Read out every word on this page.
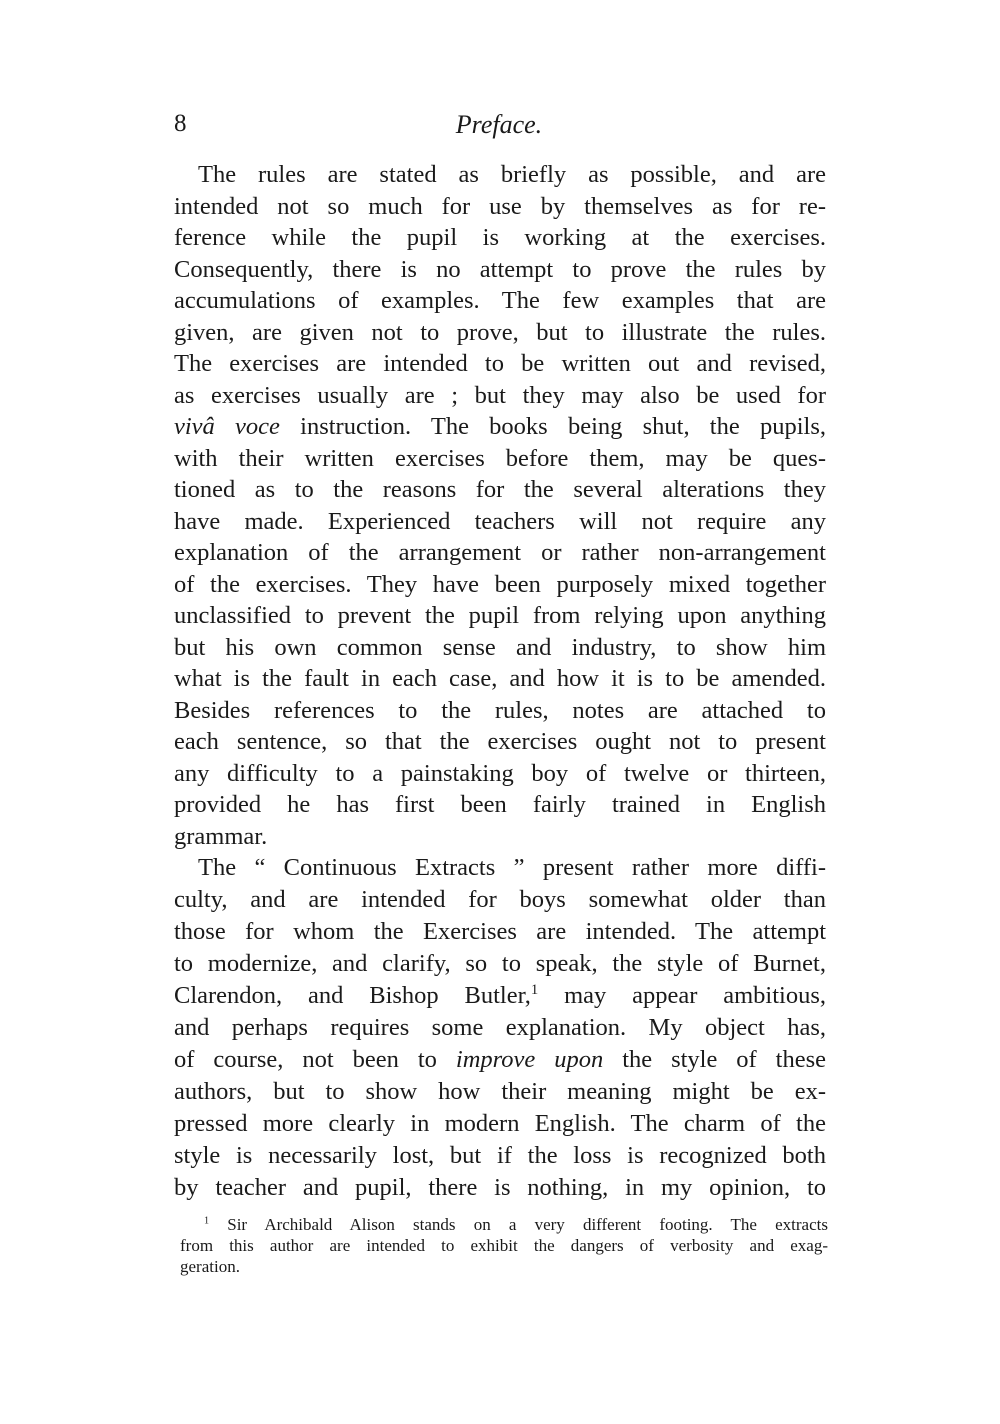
8	Preface.
The rules are stated as briefly as possible, and are
intended not so much for use by themselves as for re-
ference while the pupil is working at the exercises.
Consequently, there is no attempt to prove the rules by
accumulations of examples. The few examples that are
given, are given not to prove, but to illustrate the rules.
The exercises are intended to be written out and revised,
as exercises usually are ; but they may also be used for
vivâ voce instruction. The books being shut, the pupils,
with their written exercises before them, may be ques-
tioned as to the reasons for the several alterations they
have made. Experienced teachers will not require any
explanation of the arrangement or rather non-arrangement
of the exercises. They have been purposely mixed together
unclassified to prevent the pupil from relying upon anything
but his own common sense and industry, to show him
what is the fault in each case, and how it is to be amended.
Besides references to the rules, notes are attached to
each sentence, so that the exercises ought not to present
any difficulty to a painstaking boy of twelve or thirteen,
provided he has first been fairly trained in English
grammar.
The “ Continuous Extracts ” present rather more diffi-
culty, and are intended for boys somewhat older than
those for whom the Exercises are intended. The attempt
to modernize, and clarify, so to speak, the style of Burnet,
Clarendon, and Bishop Butler,$^1$ may appear ambitious,
and perhaps requires some explanation. My object has,
of course, not been to improve upon the style of these
authors, but to show how their meaning might be ex-
pressed more clearly in modern English. The charm of the
style is necessarily lost, but if the loss is recognized both
by teacher and pupil, there is nothing, in my opinion, to
$^1$ Sir Archibald Alison stands on a very different footing. The extracts
from this author are intended to exhibit the dangers of verbosity and exag-
geration.
